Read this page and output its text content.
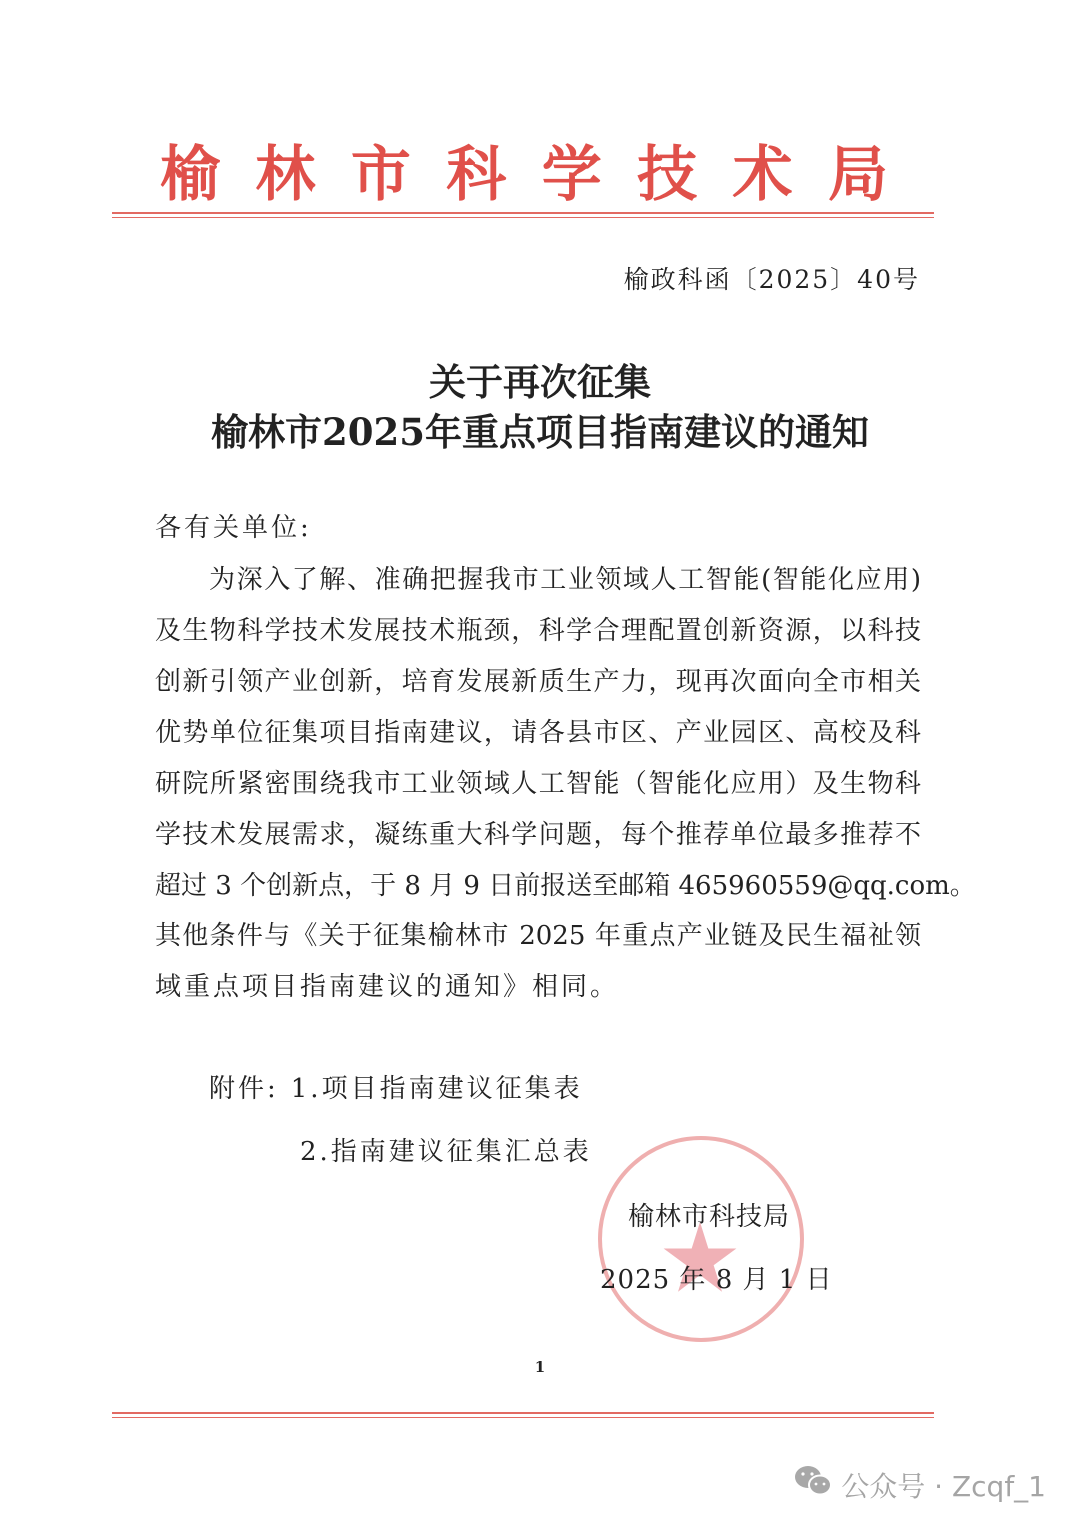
榆 林 市 科 学 技 术 局
榆政科函〔2025〕40号
关于再次征集
榆林市2025年重点项目指南建议的通知
各有关单位:
为深入了解、准确把握我市工业领域人工智能(智能化应用)
及生物科学技术发展技术瓶颈，科学合理配置创新资源，以科技
创新引领产业创新，培育发展新质生产力，现再次面向全市相关
优势单位征集项目指南建议，请各县市区、产业园区、高校及科
研院所紧密围绕我市工业领域人工智能（智能化应用）及生物科
学技术发展需求，凝练重大科学问题，每个推荐单位最多推荐不
超过 3 个创新点，于 8 月 9 日前报送至邮箱 465960559@qq.com。
其他条件与《关于征集榆林市 2025 年重点产业链及民生福祉领
域重点项目指南建议的通知》相同。
附件: 1.项目指南建议征集表
2.指南建议征集汇总表
榆林市科技局
2025 年 8 月 1 日
1
公众号 · Zcqf_1
